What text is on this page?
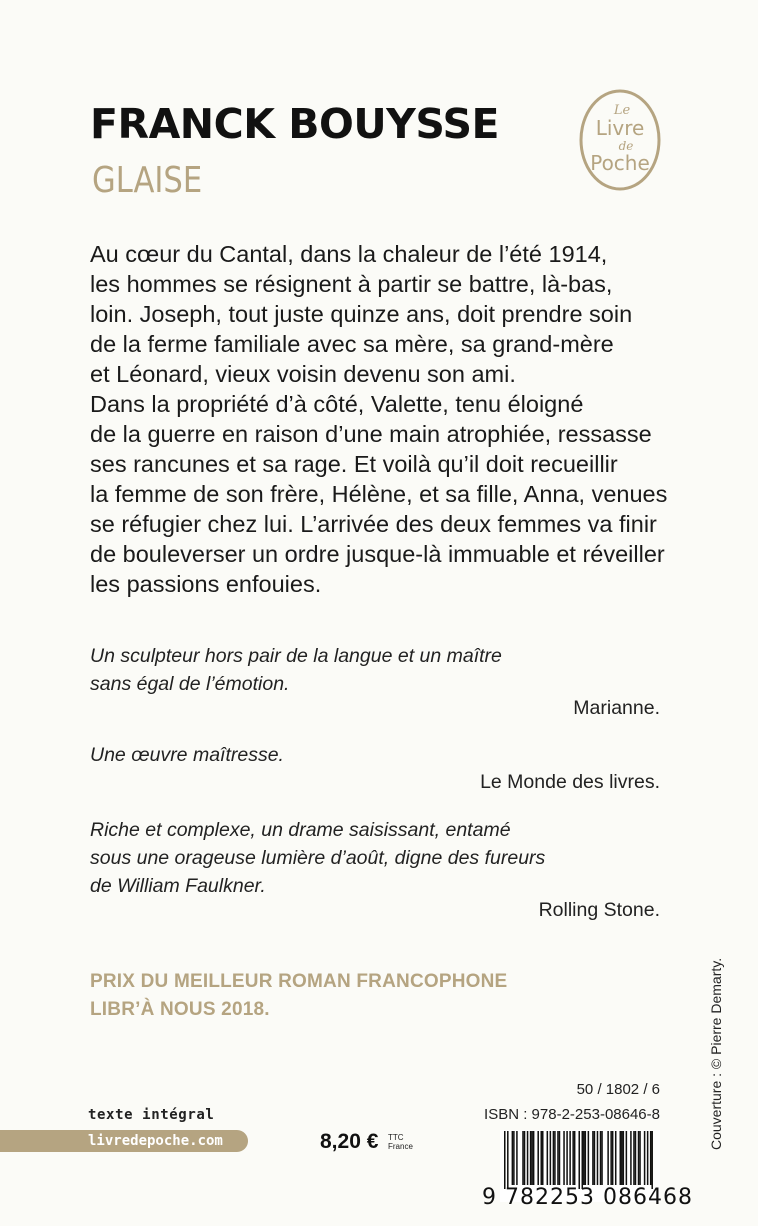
FRANCK BOUYSSE
GLAISE
Le
Livre
de
Poche

Au cœur du Cantal, dans la chaleur de l’été 1914,
les hommes se résignent à partir se battre, là-bas,
loin. Joseph, tout juste quinze ans, doit prendre soin
de la ferme familiale avec sa mère, sa grand-mère
et Léonard, vieux voisin devenu son ami.
Dans la propriété d’à côté, Valette, tenu éloigné
de la guerre en raison d’une main atrophiée, ressasse
ses rancunes et sa rage. Et voilà qu’il doit recueillir
la femme de son frère, Hélène, et sa fille, Anna, venues
se réfugier chez lui. L’arrivée des deux femmes va finir
de bouleverser un ordre jusque-là immuable et réveiller
les passions enfouies.

Un sculpteur hors pair de la langue et un maître
sans égal de l’émotion.
Marianne.
Une œuvre maîtresse.
Le Monde des livres.
Riche et complexe, un drame saisissant, entamé
sous une orageuse lumière d’août, digne des fureurs
de William Faulkner.
Rolling Stone.
PRIX DU MEILLEUR ROMAN FRANCOPHONE
LIBR’À NOUS 2018.	Couverture : © Pierre Demarty.
texte intégral
livredepoche.com	8,20 € TTC
France
50 / 1802 / 6
ISBN : 978-2-253-08646-8
9 782253 086468
